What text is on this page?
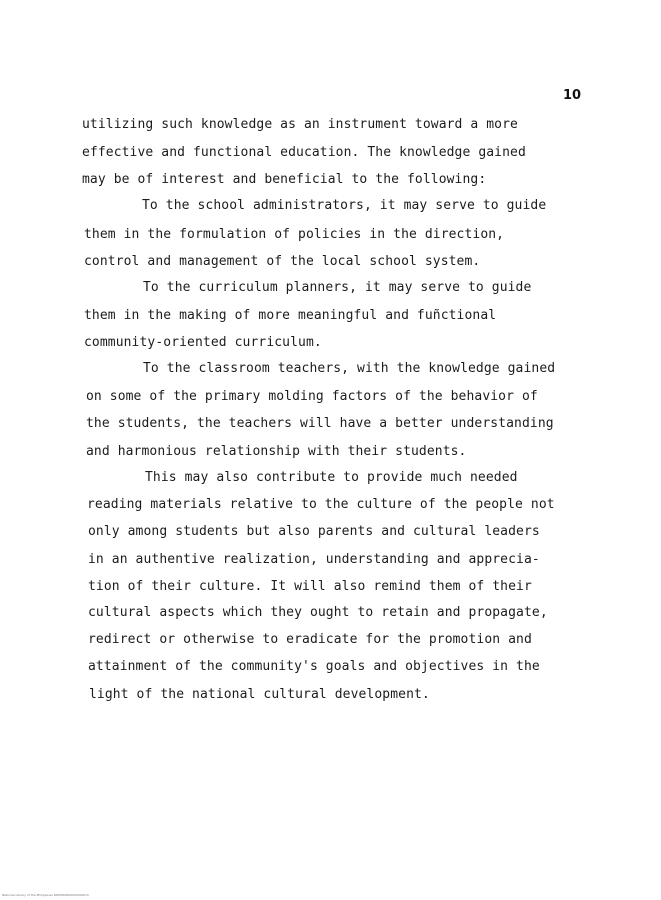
10

utilizing such knowledge as an instrument toward a more

effective and functional education. The knowledge gained

may be of interest and beneficial to the following:

To the school administrators, it may serve to guide

them in the formulation of policies in the direction,

control and management of the local school system.

To the curriculum planners, it may serve to guide

them in the making of more meaningful and fuñctional

community-oriented curriculum.

To the classroom teachers, with the knowledge gained

on some of the primary molding factors of the behavior of

the students, the teachers will have a better understanding

and harmonious relationship with their students.

This may also contribute to provide much needed

reading materials relative to the culture of the people not

only among students but also parents and cultural leaders

in an authentive realization, understanding and apprecia-

tion of their culture. It will also remind them of their

cultural aspects which they ought to retain and propagate,

redirect or otherwise to eradicate for the promotion and

attainment of the community's goals and objectives in the

light of the national cultural development.

National Library of the Philippines ROM0000000000000 lll
